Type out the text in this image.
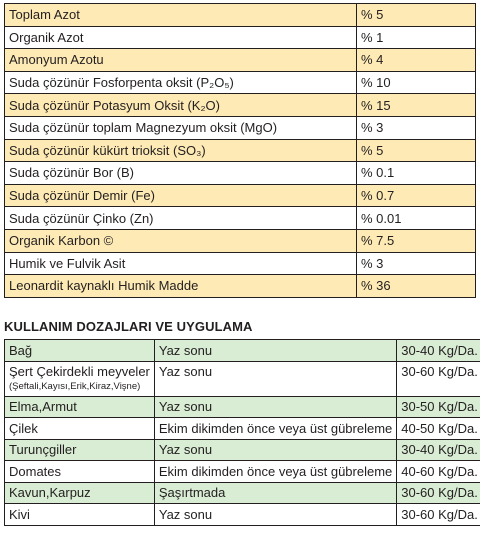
Toplam Azot	% 5
Organik Azot	% 1
Amonyum Azotu	% 4
Suda çözünür Fosforpenta oksit (P₂O₅)	% 10
Suda çözünür Potasyum Oksit (K₂O)	% 15
Suda çözünür toplam Magnezyum oksit (MgO)	% 3
Suda çözünür kükürt trioksit (SO₃)	% 5
Suda çözünür Bor (B)	% 0.1
Suda çözünür Demir (Fe)	% 0.7
Suda çözünür Çinko (Zn)	% 0.01
Organik Karbon ©	% 7.5
Humik ve Fulvik Asit	% 3
Leonardit kaynaklı Humik Madde	% 36
KULLANIM DOZAJLARI VE UYGULAMA
Bağ	Yaz sonu	30-40 Kg/Da.
Şert Çekirdekli meyveler
(Şeftali,Kayısı,Erik,Kiraz,Vişne)	Yaz sonu	30-60 Kg/Da.
Elma,Armut	Yaz sonu	30-50 Kg/Da.
Çilek	Ekim dikimden önce veya üst gübreleme	40-50 Kg/Da.
Turunçgiller	Yaz sonu	30-40 Kg/Da.
Domates	Ekim dikimden önce veya üst gübreleme	40-60 Kg/Da.
Kavun,Karpuz	Şaşırtmada	30-60 Kg/Da.
Kivi	Yaz sonu	30-60 Kg/Da.
